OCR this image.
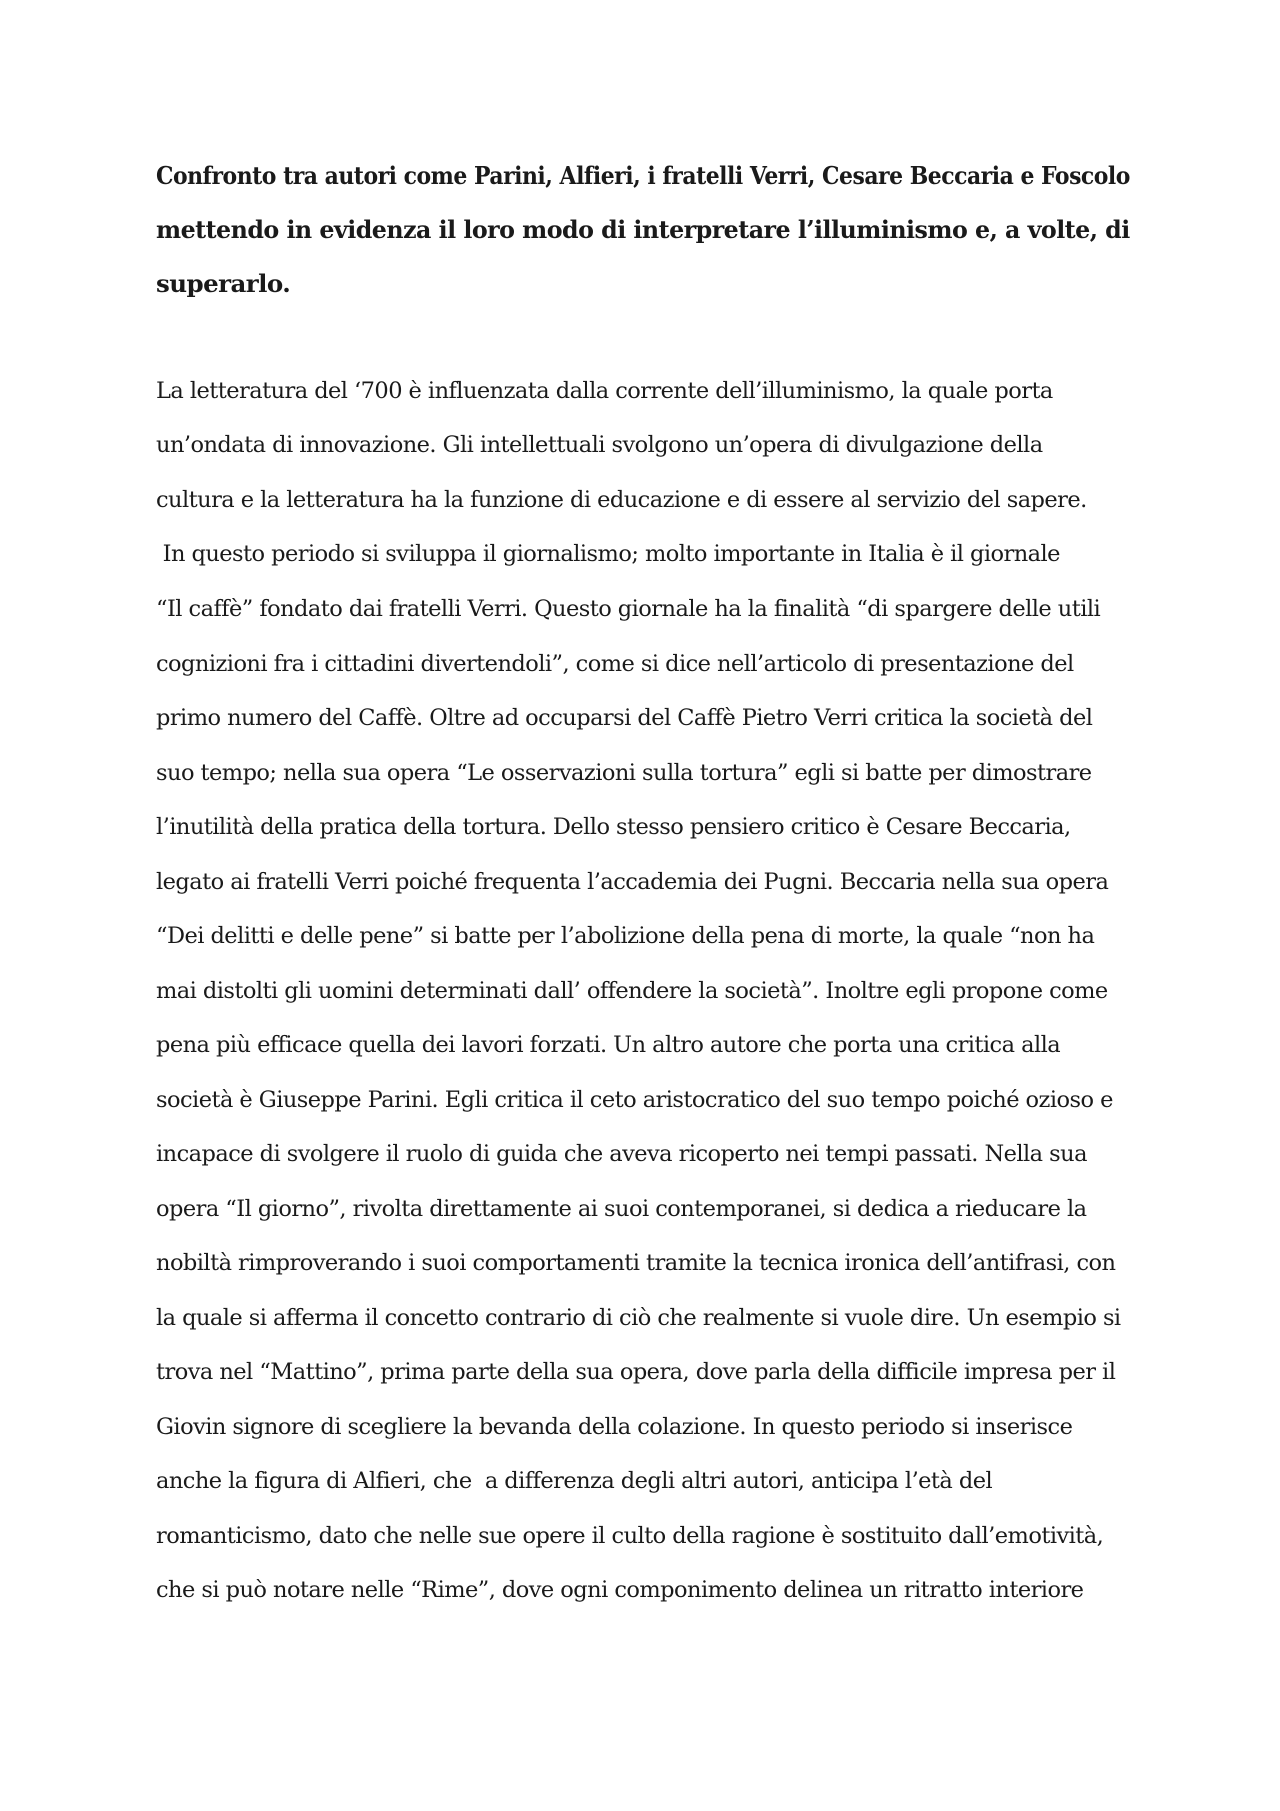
Confronto tra autori come Parini, Alfieri, i fratelli Verri, Cesare Beccaria e Foscolo
mettendo in evidenza il loro modo di interpretare l’illuminismo e, a volte, di
superarlo.
La letteratura del ‘700 è influenzata dalla corrente dell’illuminismo, la quale porta
un’ondata di innovazione. Gli intellettuali svolgono un’opera di divulgazione della
cultura e la letteratura ha la funzione di educazione e di essere al servizio del sapere.
In questo periodo si sviluppa il giornalismo; molto importante in Italia è il giornale
“Il caffè” fondato dai fratelli Verri. Questo giornale ha la finalità “di spargere delle utili
cognizioni fra i cittadini divertendoli”, come si dice nell’articolo di presentazione del
primo numero del Caffè. Oltre ad occuparsi del Caffè Pietro Verri critica la società del
suo tempo; nella sua opera “Le osservazioni sulla tortura” egli si batte per dimostrare
l’inutilità della pratica della tortura. Dello stesso pensiero critico è Cesare Beccaria,
legato ai fratelli Verri poiché frequenta l’accademia dei Pugni. Beccaria nella sua opera
“Dei delitti e delle pene” si batte per l’abolizione della pena di morte, la quale “non ha
mai distolti gli uomini determinati dall’ offendere la società”. Inoltre egli propone come
pena più efficace quella dei lavori forzati. Un altro autore che porta una critica alla
società è Giuseppe Parini. Egli critica il ceto aristocratico del suo tempo poiché ozioso e
incapace di svolgere il ruolo di guida che aveva ricoperto nei tempi passati. Nella sua
opera “Il giorno”, rivolta direttamente ai suoi contemporanei, si dedica a rieducare la
nobiltà rimproverando i suoi comportamenti tramite la tecnica ironica dell’antifrasi, con
la quale si afferma il concetto contrario di ciò che realmente si vuole dire. Un esempio si
trova nel “Mattino”, prima parte della sua opera, dove parla della difficile impresa per il
Giovin signore di scegliere la bevanda della colazione. In questo periodo si inserisce
anche la figura di Alfieri, che  a differenza degli altri autori, anticipa l’età del
romanticismo, dato che nelle sue opere il culto della ragione è sostituito dall’emotività,
che si può notare nelle “Rime”, dove ogni componimento delinea un ritratto interiore
